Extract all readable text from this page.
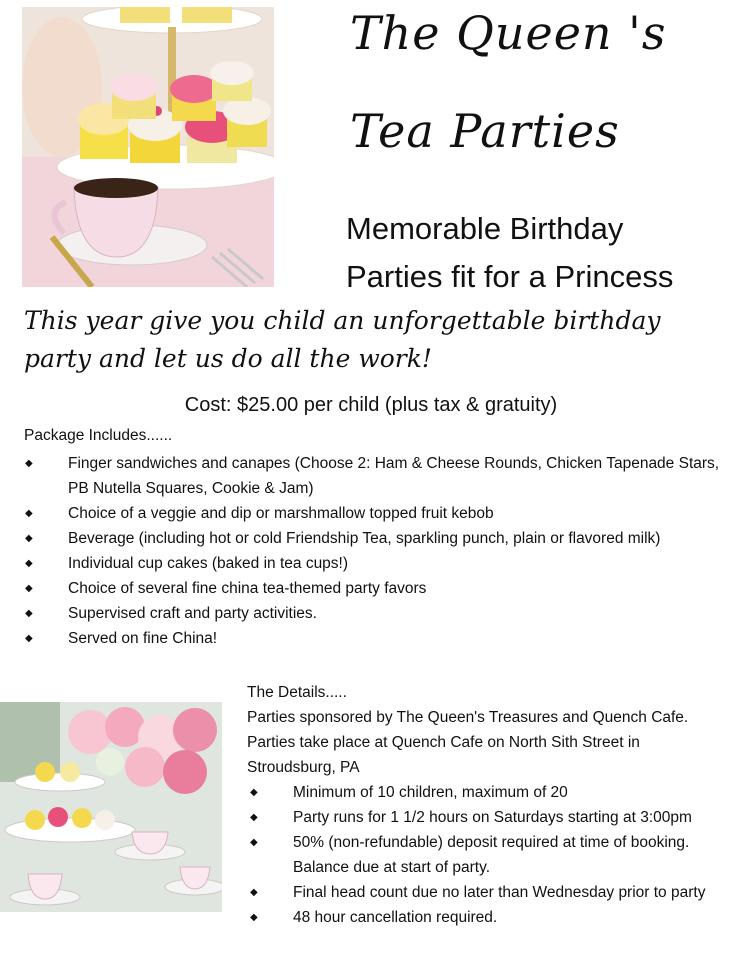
The Queen 's
Tea Parties
Memorable Birthday
Parties fit for a Princess
This year give you child an unforgettable birthday party and let us do all the work!
Cost: $25.00 per child (plus tax & gratuity)
Package Includes......
◆ Finger sandwiches and canapes (Choose 2: Ham & Cheese Rounds, Chicken Tapenade Stars, PB Nutella Squares, Cookie & Jam)
◆ Choice of a veggie and dip or marshmallow topped fruit kebob
◆ Beverage (including hot or cold Friendship Tea, sparkling punch, plain or flavored milk)
◆ Individual cup cakes (baked in tea cups!)
◆ Choice of several fine china tea-themed party favors
◆ Supervised craft and party activities.
◆ Served on fine China!

The Details.....

Parties sponsored by The Queen's Treasures and Quench Cafe.

Parties take place at Quench Cafe on North Sith Street in Stroudsburg, PA

◆ Minimum of 10 children, maximum of 20
◆ Party runs for 1 1/2 hours on Saturdays starting at 3:00pm
◆ 50% (non-refundable) deposit required at time of booking. Balance due at start of party.
◆ Final head count due no later than Wednesday prior to party
◆ 48 hour cancellation required.
